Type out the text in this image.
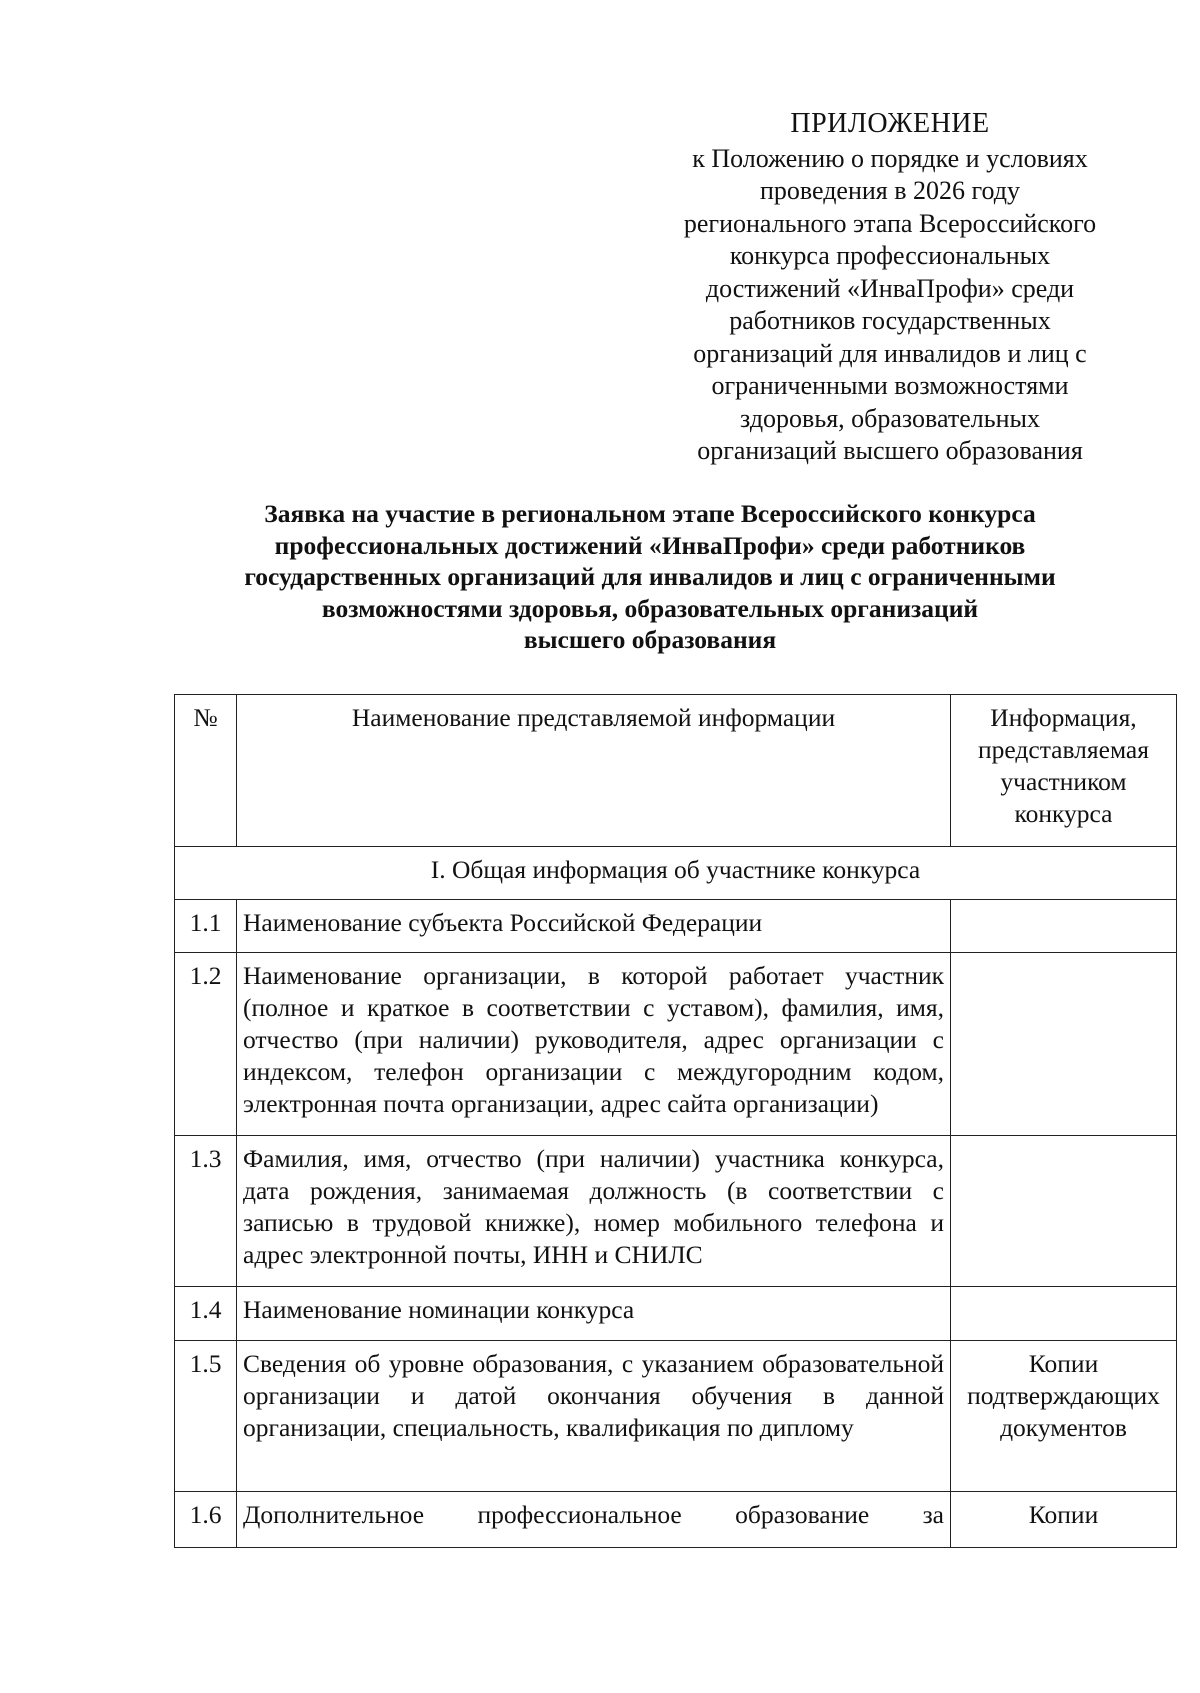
ПРИЛОЖЕНИЕ
к Положению о порядке и условиях
проведения в 2026 году
регионального этапа Всероссийского
конкурса профессиональных
достижений «ИнваПрофи» среди
работников государственных
организаций для инвалидов и лиц с
ограниченными возможностями
здоровья, образовательных
организаций высшего образования
Заявка на участие в региональном этапе Всероссийского конкурса
профессиональных достижений «ИнваПрофи» среди работников
государственных организаций для инвалидов и лиц с ограниченными
возможностями здоровья, образовательных организаций
высшего образования
№	Наименование представляемой информации	Информация, представляемая участником конкурса
I. Общая информация об участнике конкурса		
1.1	Наименование субъекта Российской Федерации	
1.2	Наименование организации, в которой работает участник (полное и краткое в соответствии с уставом), фамилия, имя, отчество (при наличии) руководителя, адрес организации с индексом, телефон организации с междугородним кодом, электронная почта организации, адрес сайта организации)	
1.3	Фамилия, имя, отчество (при наличии) участника конкурса, дата рождения, занимаемая должность (в соответствии с записью в трудовой книжке), номер мобильного телефона и адрес электронной почты, ИНН и СНИЛС	
1.4	Наименование номинации конкурса	
1.5	Сведения об уровне образования, с указанием образовательной организации и датой окончания обучения в данной организации, специальность, квалификация по диплому	Копии подтверждающих документов
1.6	Дополнительное профессиональное образование за	Копии
